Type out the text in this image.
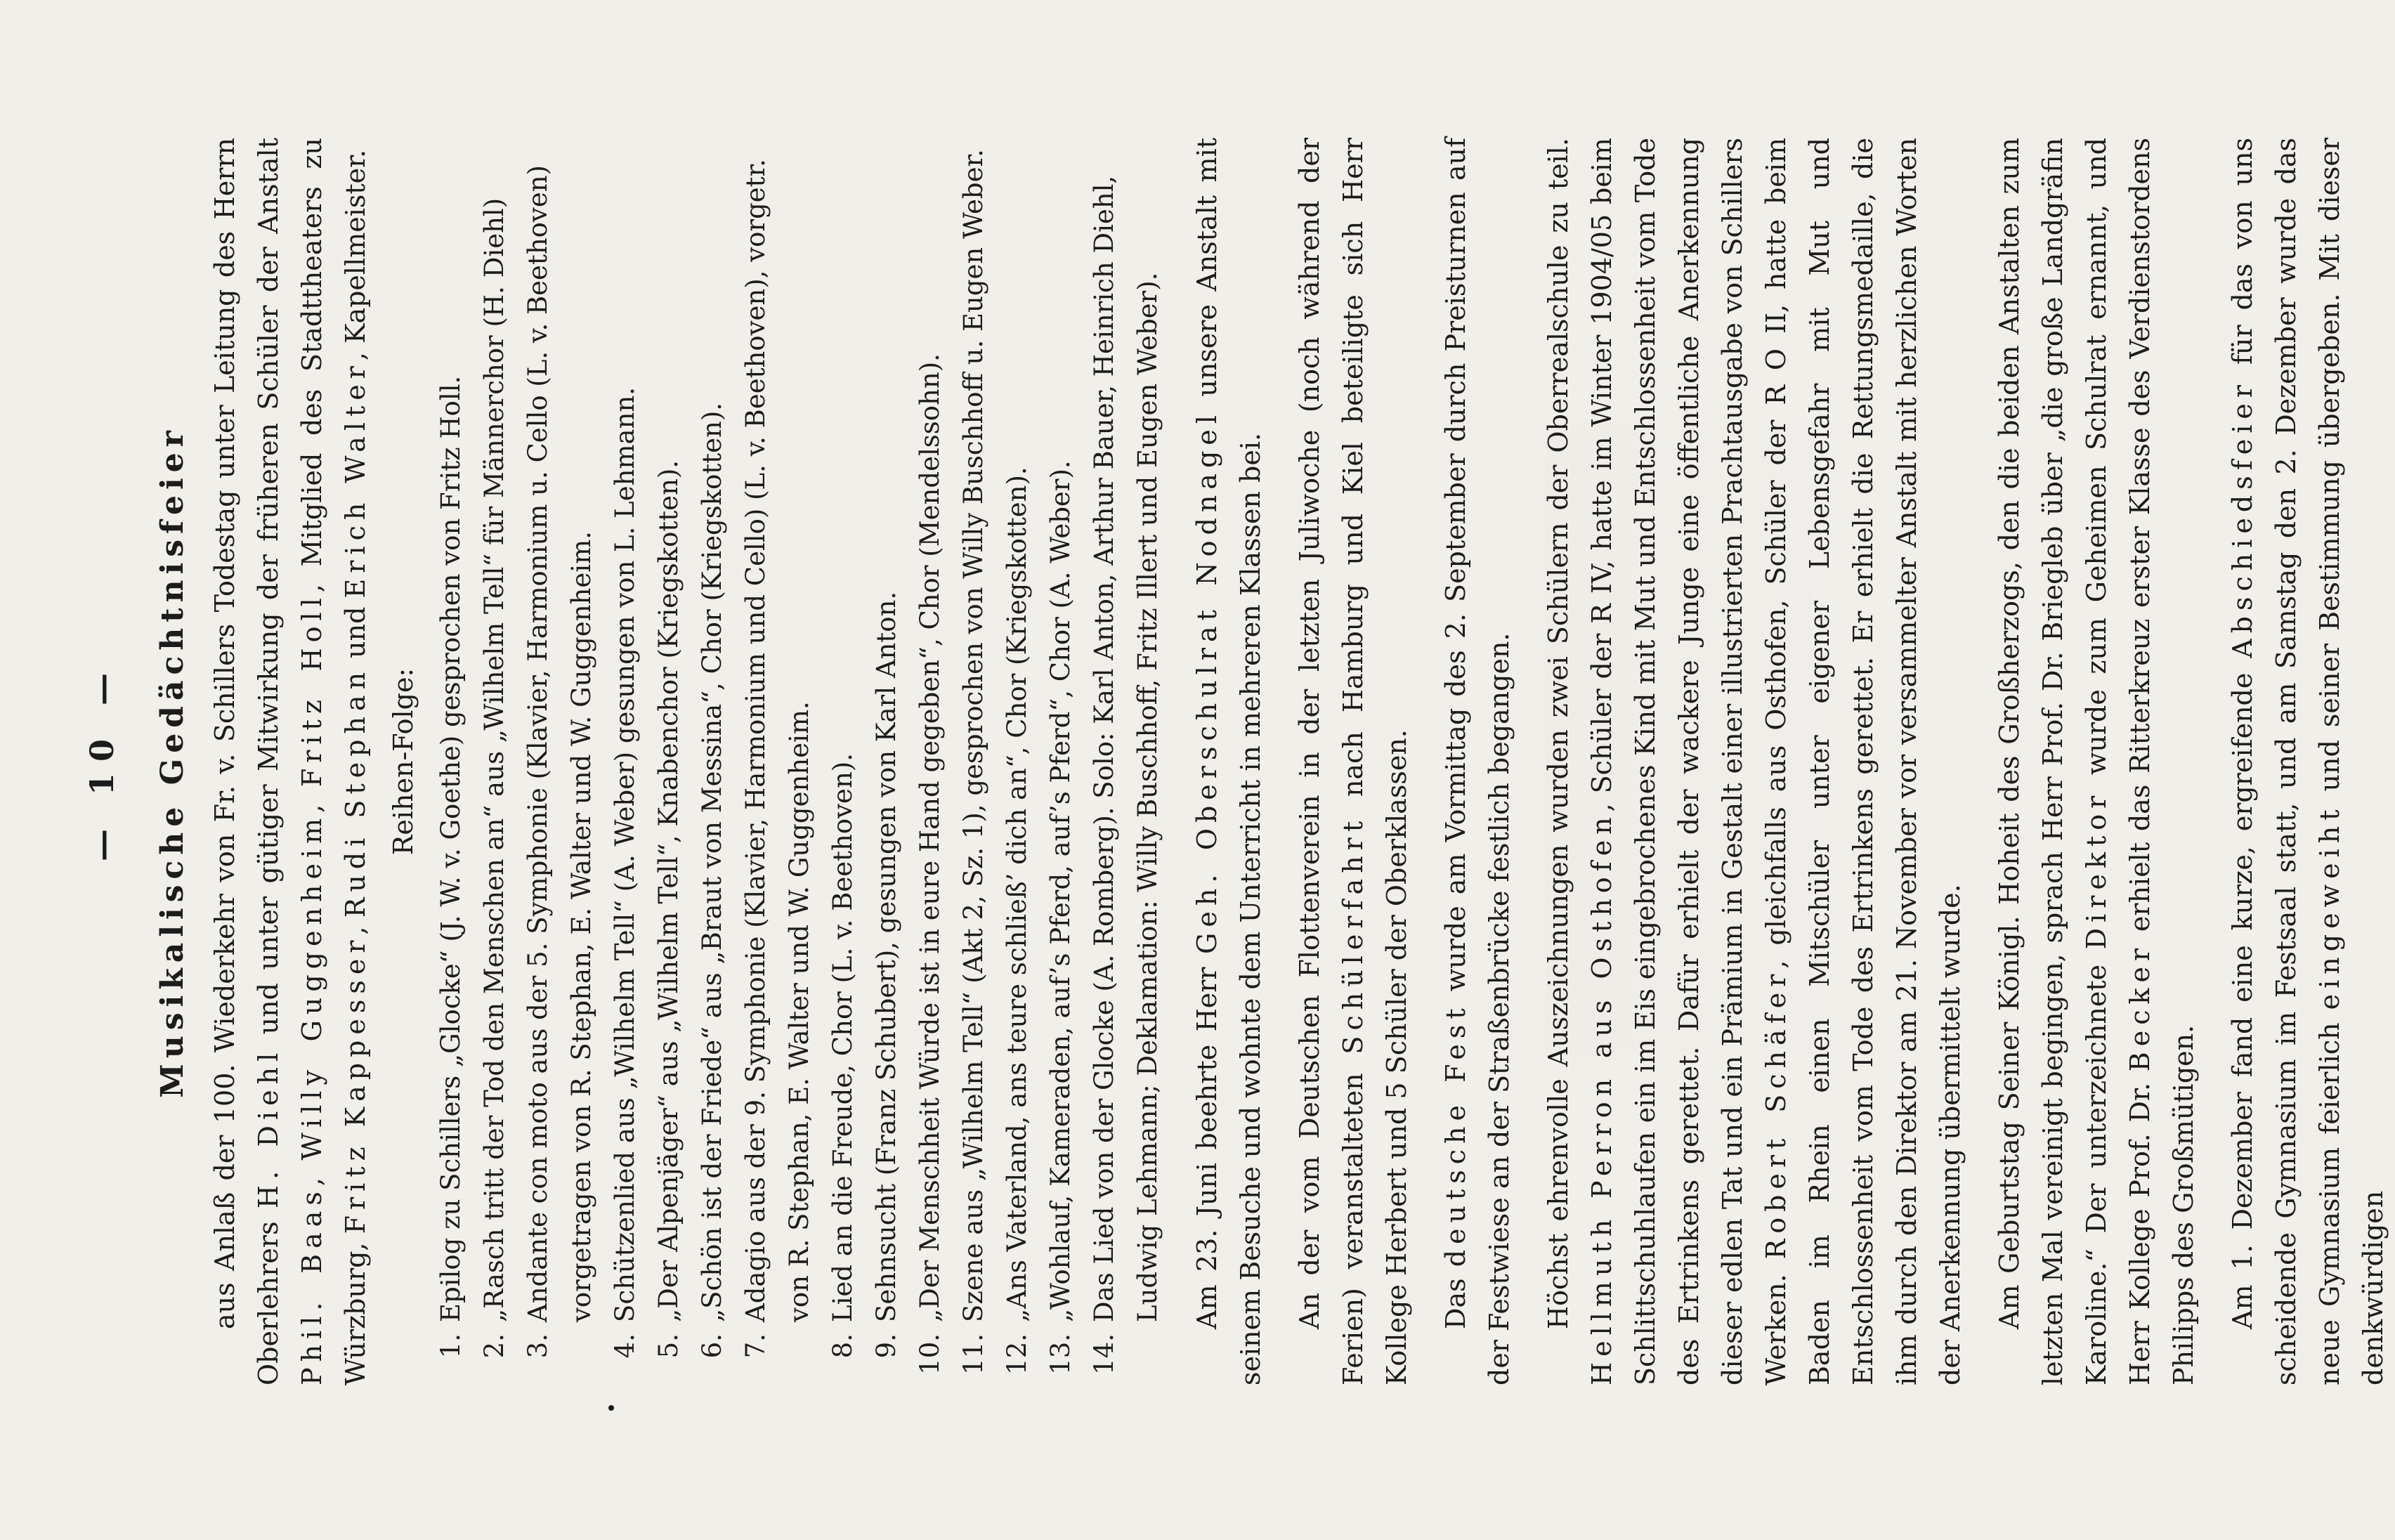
— 10 —	Musikalische Gedächtnisfeier aus Anlaß der 100. Wiederkehr von Fr. v. Schillers Todestag unter Leitung des Herrn Oberlehrers H. Diehl und unter gütiger Mitwirkung der früheren Schüler der Anstalt Phil. Baas, Willy Guggenheim, Fritz Holl, Mitglied des Stadttheaters zu Würzburg, Fritz Kappesser, Rudi Stephan und Erich Walter, Kapellmeister.

Reihen-Folge:
1.
Epilog zu Schillers „Glocke“ (J. W. v. Goethe) gesprochen von Fritz Holl.
2.
„Rasch tritt der Tod den Menschen an“ aus „Wilhelm Tell“ für Männerchor (H. Diehl)
3.
Andante con moto aus der 5. Symphonie (Klavier, Harmonium u. Cello (L. v. Beethoven) vorgetragen von R. Stephan, E. Walter und W. Guggenheim.
4.
Schützenlied aus „Wilhelm Tell“ (A. Weber) gesungen von L. Lehmann.
5.
„Der Alpenjäger“ aus „Wilhelm Tell“, Knabenchor (Kriegskotten).
6.
„Schön ist der Friede“ aus „Braut von Messina“, Chor (Kriegskotten).
7.
Adagio aus der 9. Symphonie (Klavier, Harmonium und Cello) (L. v. Beethoven), vorgetr. von R. Stephan, E. Walter und W. Guggenheim.
8.
Lied an die Freude, Chor (L. v. Beethoven).
9.
Sehnsucht (Franz Schubert), gesungen von Karl Anton.
10.
„Der Menschheit Würde ist in eure Hand gegeben“, Chor (Mendelssohn).
11.
Szene aus „Wilhelm Tell“ (Akt 2, Sz. 1), gesprochen von Willy Buschhoff u. Eugen Weber.
12.
„Ans Vaterland, ans teure schließ’ dich an“, Chor (Kriegskotten).
13.
„Wohlauf, Kameraden, auf’s Pferd, auf’s Pferd“, Chor (A. Weber).
14.
Das Lied von der Glocke (A. Romberg). Solo: Karl Anton, Arthur Bauer, Heinrich Diehl, Ludwig Lehmann; Deklamation: Willy Buschhoff, Fritz Illert und Eugen Weber). Am 23. Juni beehrte Herr Geh. Oberschulrat Nodnagel unsere Anstalt mit seinem Besuche und wohnte dem Unterricht in mehreren Klassen bei. An der vom Deutschen Flottenverein in der letzten Juliwoche (noch während der Ferien) veranstalteten Schülerfahrt nach Hamburg und Kiel beteiligte sich Herr Kollege Herbert und 5 Schüler der Oberklassen. Das deutsche Fest wurde am Vormittag des 2. September durch Preisturnen auf der Festwiese an der Straßenbrücke festlich begangen. Höchst ehrenvolle Auszeichnungen wurden zwei Schülern der Oberrealschule zu teil. Hellmuth Perron aus Osthofen, Schüler der R IV, hatte im Winter 1904/05 beim Schlittschuhlaufen ein im Eis eingebrochenes Kind mit Mut und Entschlossenheit vom Tode des Ertrinkens gerettet. Dafür erhielt der wackere Junge eine öffentliche Anerkennung dieser edlen Tat und ein Prämium in Gestalt einer illustrierten Prachtausgabe von Schillers Werken. Robert Schäfer, gleichfalls aus Osthofen, Schüler der R O II, hatte beim Baden im Rhein einen Mitschüler unter eigener Lebensgefahr mit Mut und Entschlossenheit vom Tode des Ertrinkens gerettet. Er erhielt die Rettungsmedaille, die ihm durch den Direktor am 21. November vor versammelter Anstalt mit herzlichen Worten der Anerkennung übermittelt wurde. Am Geburtstag Seiner Königl. Hoheit des Großherzogs, den die beiden Anstalten zum letzten Mal vereinigt begingen, sprach Herr Prof. Dr. Briegleb über „die große Landgräfin Karoline.“ Der unterzeichnete Direktor wurde zum Geheimen Schulrat ernannt, und Herr Kollege Prof. Dr. Becker erhielt das Ritterkreuz erster Klasse des Verdienstordens Philipps des Großmütigen. Am 1. Dezember fand eine kurze, ergreifende Abschiedsfeier für das von uns scheidende Gymnasium im Festsaal statt, und am Samstag den 2. Dezember wurde das neue Gymnasium feierlich eingeweiht und seiner Bestimmung übergeben. Mit dieser denkwürdigen
